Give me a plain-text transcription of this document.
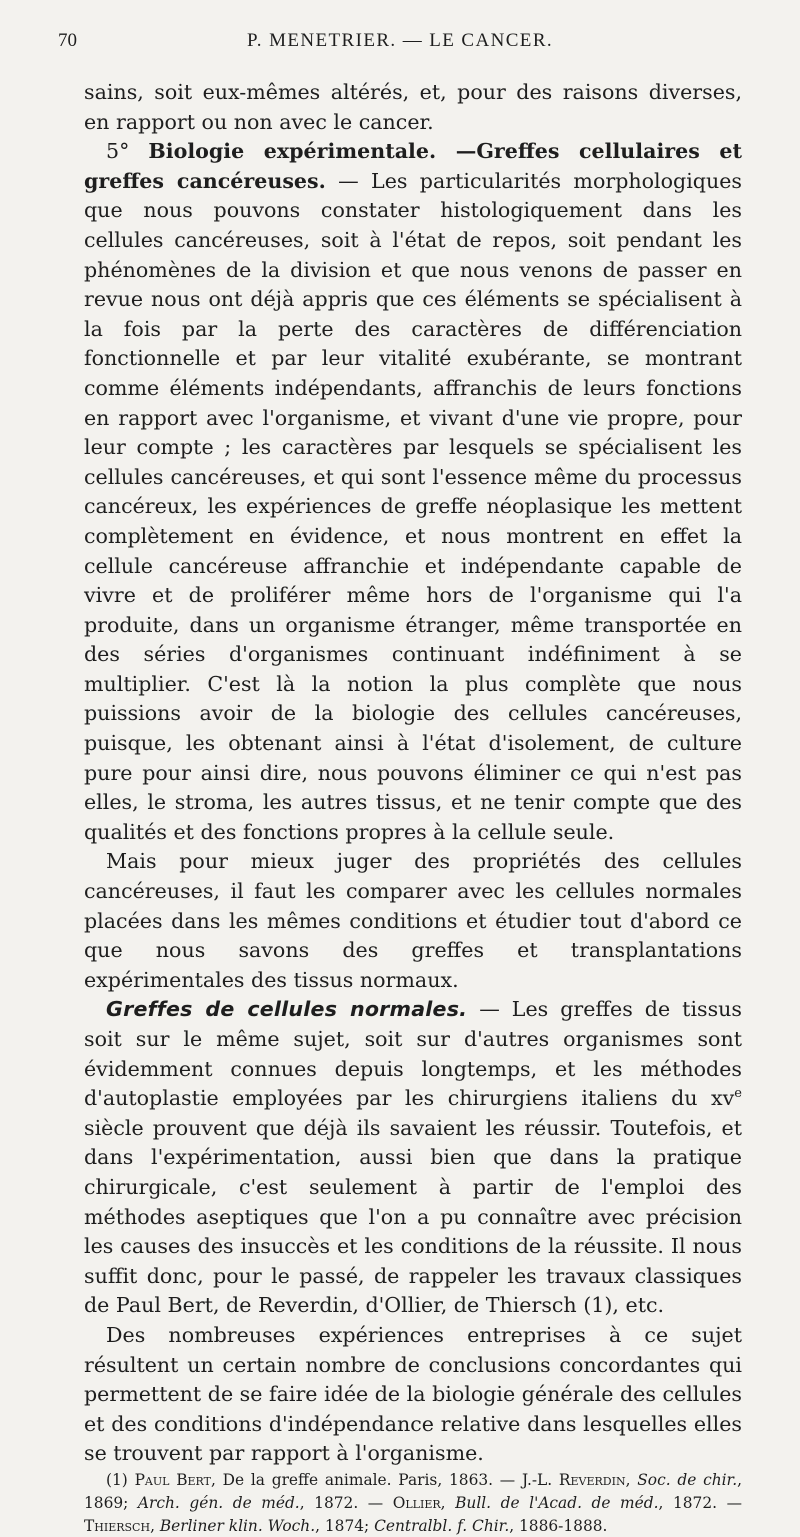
70	P. MENETRIER. — LE CANCER.

sains, soit eux-mêmes altérés, et, pour des raisons diverses, en rapport ou non avec le cancer.

5° Biologie expérimentale. —Greffes cellulaires et greffes cancéreuses. — Les particularités morphologiques que nous pouvons constater histologiquement dans les cellules cancéreuses, soit à l'état de repos, soit pendant les phénomènes de la division et que nous venons de passer en revue nous ont déjà appris que ces éléments se spécialisent à la fois par la perte des caractères de différenciation fonctionnelle et par leur vitalité exubérante, se montrant comme éléments indépendants, affranchis de leurs fonctions en rapport avec l'organisme, et vivant d'une vie propre, pour leur compte ; les caractères par lesquels se spécialisent les cellules cancéreuses, et qui sont l'essence même du processus cancéreux, les expériences de greffe néoplasique les mettent complètement en évidence, et nous montrent en effet la cellule cancéreuse affranchie et indépendante capable de vivre et de proliférer même hors de l'organisme qui l'a produite, dans un organisme étranger, même transportée en des séries d'organismes continuant indéfiniment à se multiplier. C'est là la notion la plus complète que nous puissions avoir de la biologie des cellules cancéreuses, puisque, les obtenant ainsi à l'état d'isolement, de culture pure pour ainsi dire, nous pouvons éliminer ce qui n'est pas elles, le stroma, les autres tissus, et ne tenir compte que des qualités et des fonctions propres à la cellule seule.

Mais pour mieux juger des propriétés des cellules cancéreuses, il faut les comparer avec les cellules normales placées dans les mêmes conditions et étudier tout d'abord ce que nous savons des greffes et transplantations expérimentales des tissus normaux.

Greffes de cellules normales. — Les greffes de tissus soit sur le même sujet, soit sur d'autres organismes sont évidemment connues depuis longtemps, et les méthodes d'autoplastie employées par les chirurgiens italiens du $xv^e$ siècle prouvent que déjà ils savaient les réussir. Toutefois, et dans l'expérimentation, aussi bien que dans la pratique chirurgicale, c'est seulement à partir de l'emploi des méthodes aseptiques que l'on a pu connaître avec précision les causes des insuccès et les conditions de la réussite. Il nous suffit donc, pour le passé, de rappeler les travaux classiques de Paul Bert, de Reverdin, d'Ollier, de Thiersch (1), etc.

Des nombreuses expériences entreprises à ce sujet résultent un certain nombre de conclusions concordantes qui permettent de se faire idée de la biologie générale des cellules et des conditions d'indépendance relative dans lesquelles elles se trouvent par rapport à l'organisme.

(1) Paul Bert, De la greffe animale. Paris, 1863. — J.-L. Reverdin, Soc. de chir., 1869; Arch. gén. de méd., 1872. — Ollier, Bull. de l'Acad. de méd., 1872. — Thiersch, Berliner klin. Woch., 1874; Centralbl. f. Chir., 1886-1888.
